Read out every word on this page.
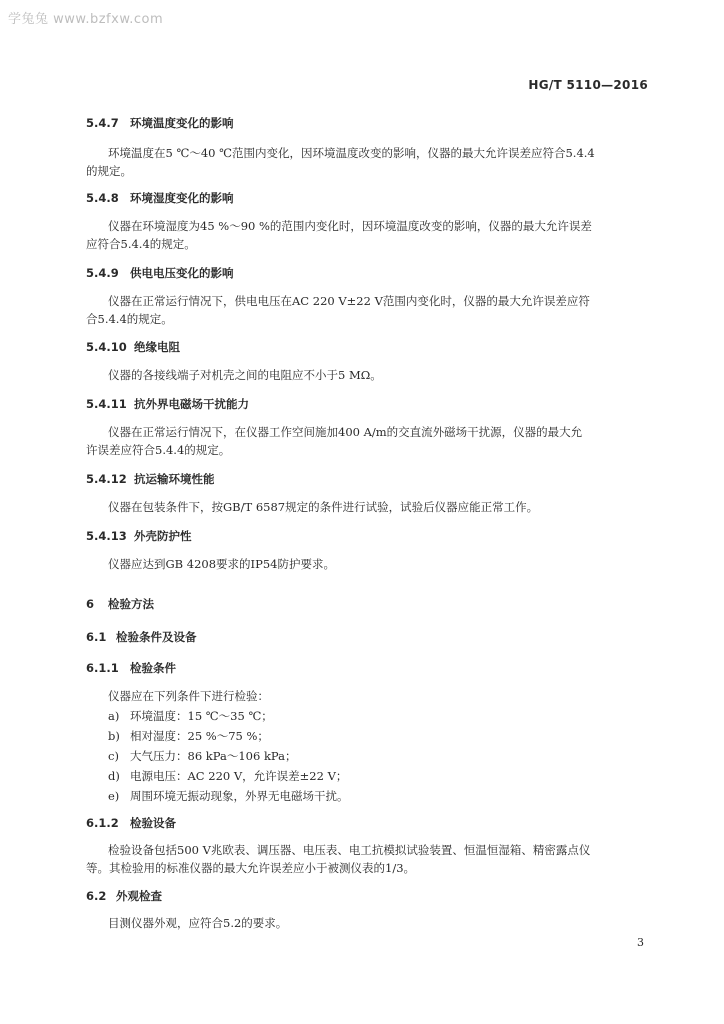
学兔兔 www.bzfxw.com
HG/T 5110—2016
5.4.7 环境温度变化的影响
环境温度在5 ℃～40 ℃范围内变化，因环境温度改变的影响，仪器的最大允许误差应符合5.4.4
的规定。
5.4.8 环境湿度变化的影响
仪器在环境湿度为45 %～90 %的范围内变化时，因环境温度改变的影响，仪器的最大允许误差
应符合5.4.4的规定。
5.4.9 供电电压变化的影响
仪器在正常运行情况下，供电电压在AC 220 V±22 V范围内变化时，仪器的最大允许误差应符
合5.4.4的规定。
5.4.10 绝缘电阻
仪器的各接线端子对机壳之间的电阻应不小于5 MΩ。
5.4.11 抗外界电磁场干扰能力
仪器在正常运行情况下，在仪器工作空间施加400 A/m的交直流外磁场干扰源，仪器的最大允
许误差应符合5.4.4的规定。
5.4.12 抗运输环境性能
仪器在包装条件下，按GB/T 6587规定的条件进行试验，试验后仪器应能正常工作。
5.4.13 外壳防护性
仪器应达到GB 4208要求的IP54防护要求。
6 检验方法
6.1 检验条件及设备
6.1.1 检验条件
仪器应在下列条件下进行检验：
a) 环境温度：15 ℃～35 ℃；
b) 相对湿度：25 %～75 %；
c) 大气压力：86 kPa～106 kPa；
d) 电源电压：AC 220 V，允许误差±22 V；
e) 周围环境无振动现象，外界无电磁场干扰。
6.1.2 检验设备
检验设备包括500 V兆欧表、调压器、电压表、电工抗模拟试验装置、恒温恒湿箱、精密露点仪
等。其检验用的标准仪器的最大允许误差应小于被测仪表的1/3。
6.2 外观检查
目测仪器外观，应符合5.2的要求。
3
